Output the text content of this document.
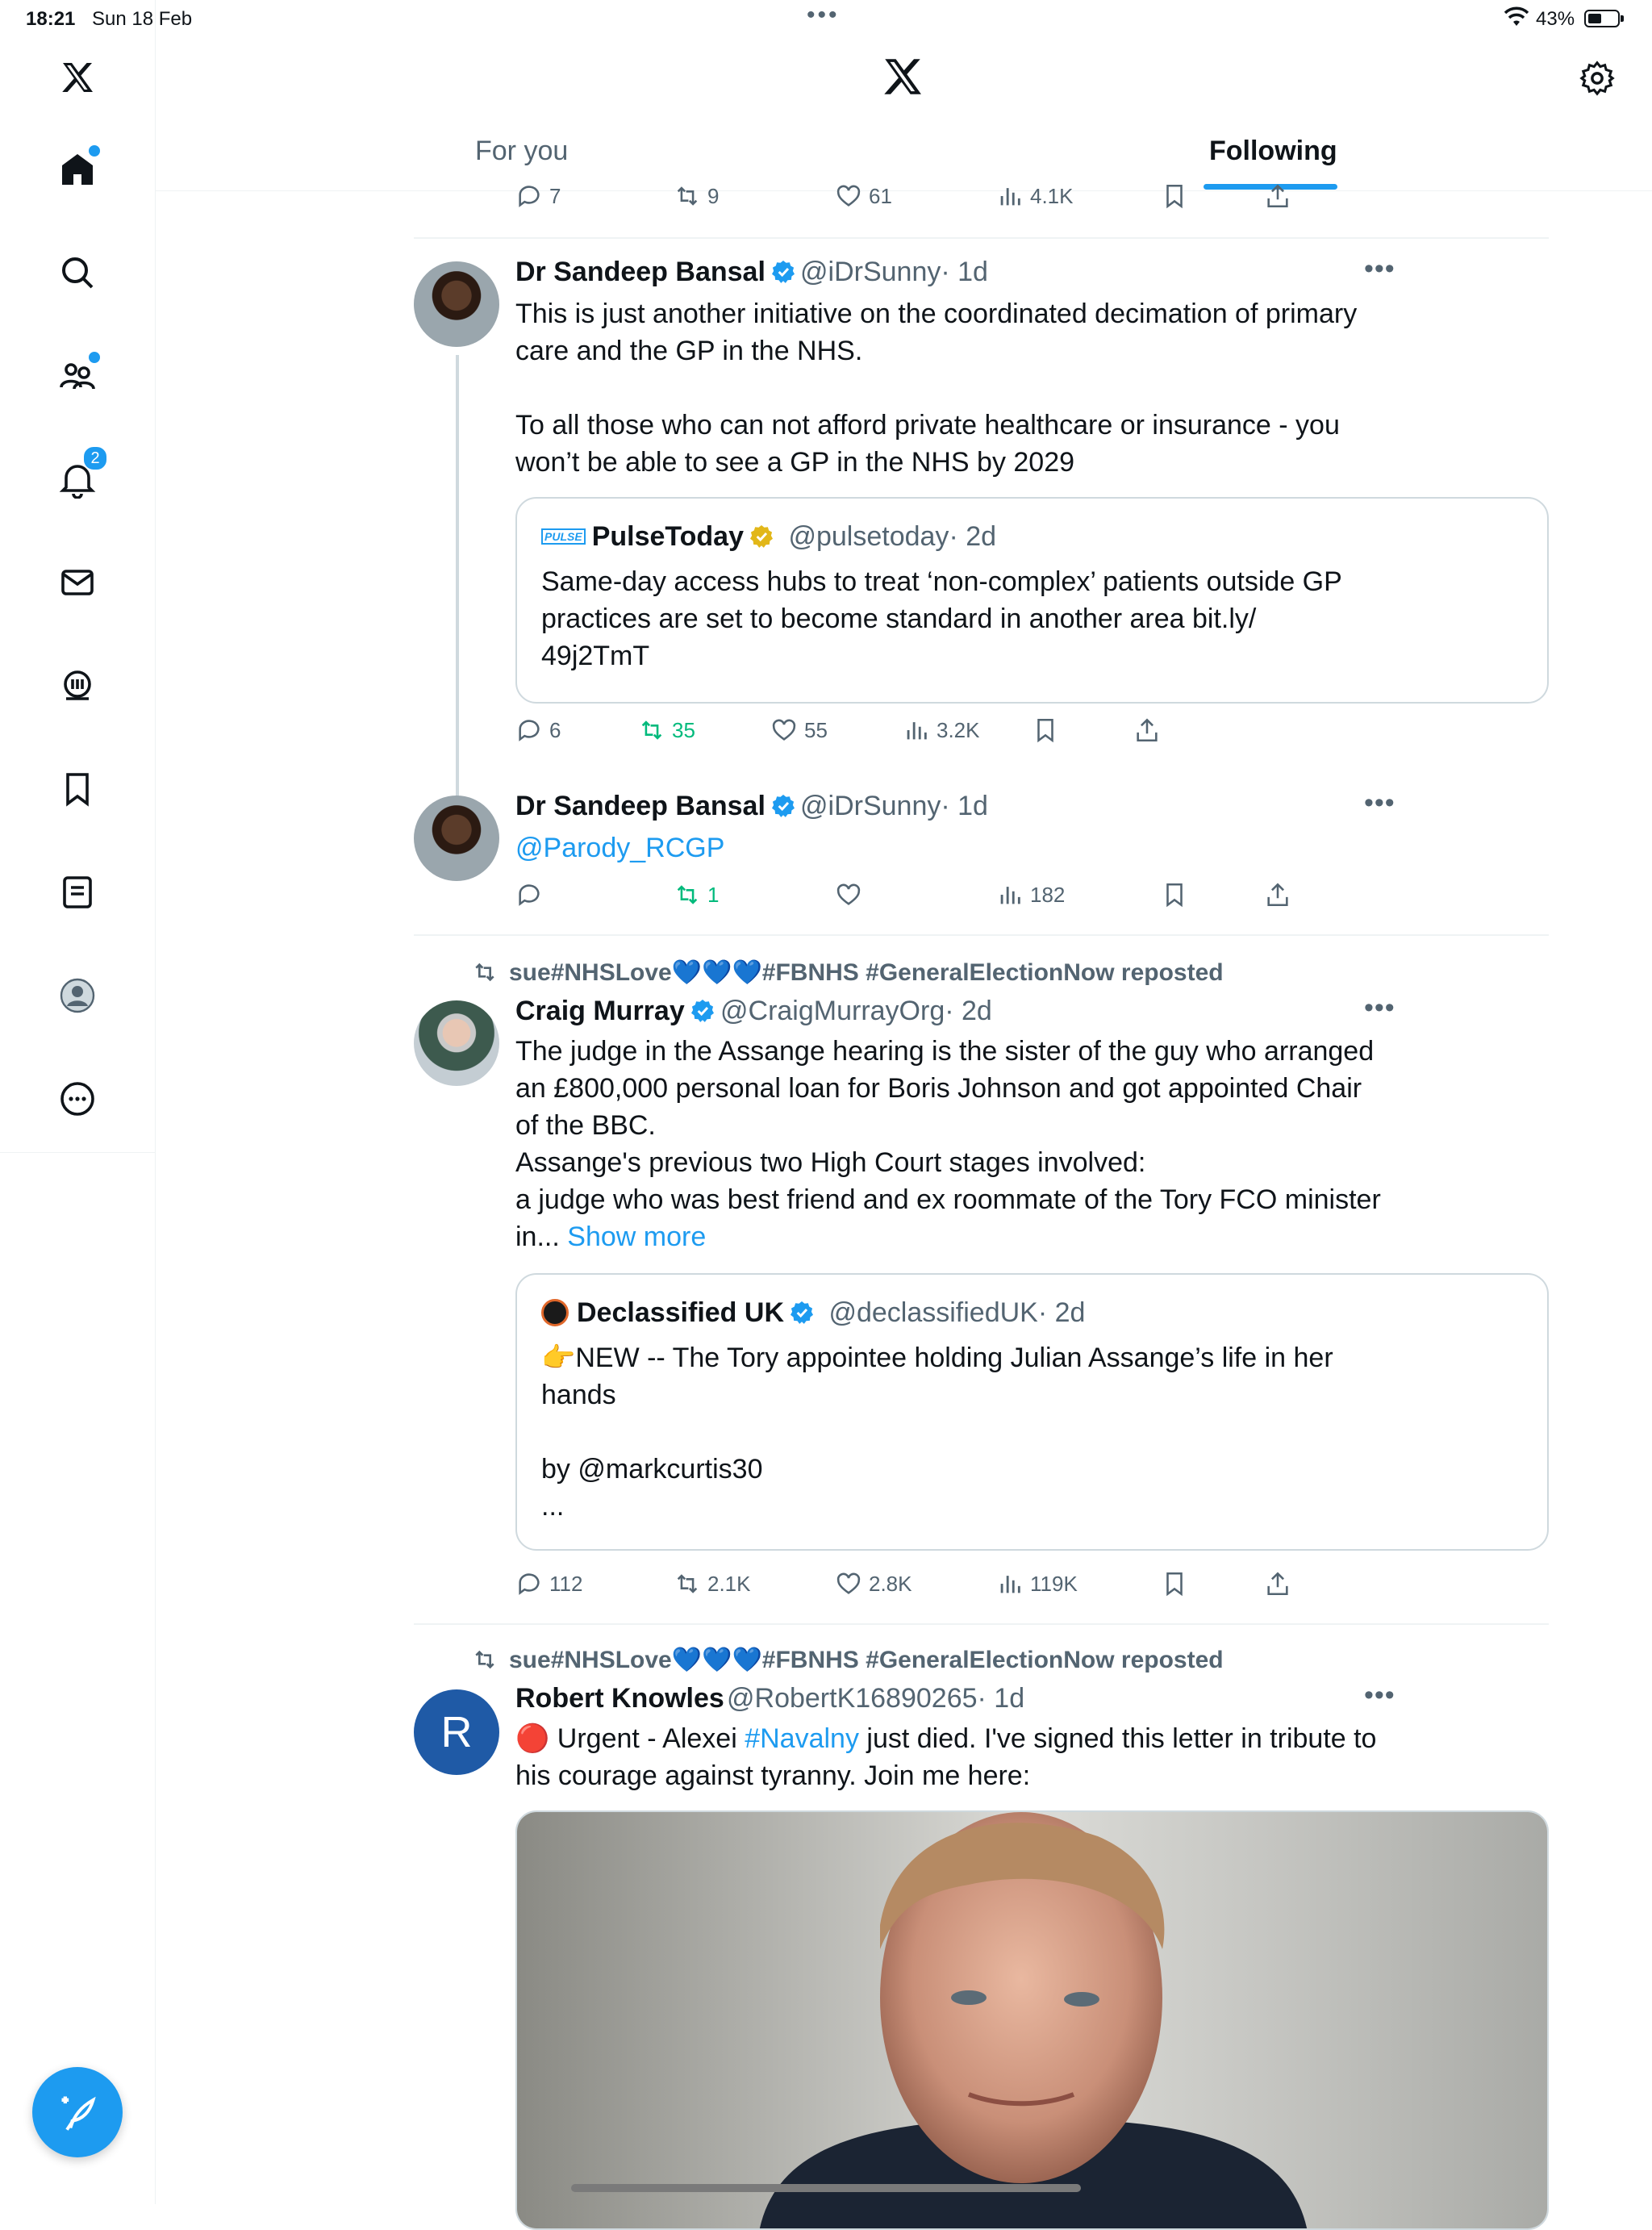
18:21 Sun 18 Feb	•••	43%
2
For you	Following
7	9	61	4.1K
Dr Sandeep Bansal	@iDrSunny· 1d	•••
This is just another initiative on the coordinated decimation of primary
care and the GP in the NHS.
To all those who can not afford private healthcare or insurance - you
won’t be able to see a GP in the NHS by 2029
PULSE PulseToday @pulsetoday· 2d
Same-day access hubs to treat ‘non-complex’ patients outside GP
practices are set to become standard in another area bit.ly/
49j2TmT
6	35	55	3.2K
Dr Sandeep Bansal	@iDrSunny· 1d	•••
@Parody_RCGP
1	182
sue#NHSLove💙💙💙#FBNHS #GeneralElectionNow reposted
Craig Murray	@CraigMurrayOrg· 2d	•••
The judge in the Assange hearing is the sister of the guy who arranged
an £800,000 personal loan for Boris Johnson and got appointed Chair
of the BBC.
Assange's previous two High Court stages involved:
a judge who was best friend and ex roommate of the Tory FCO minister
in... Show more
Declassified UK @declassifiedUK· 2d
👉NEW -- The Tory appointee holding Julian Assange’s life in her
hands
by @markcurtis30
...
112	2.1K	2.8K	119K
sue#NHSLove💙💙💙#FBNHS #GeneralElectionNow reposted
R
Robert Knowles @RobertK16890265· 1d	•••
🔴 Urgent - Alexei #Navalny just died. I've signed this letter in tribute to
his courage against tyranny. Join me here:
